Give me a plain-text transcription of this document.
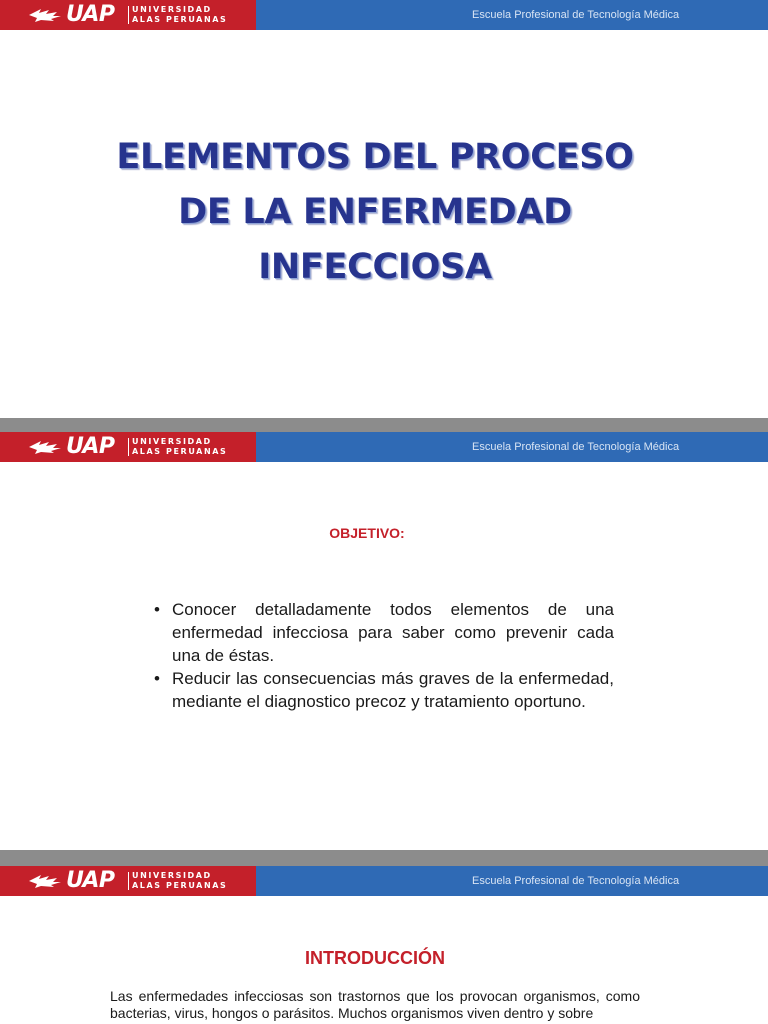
UAP UNIVERSIDAD
ALAS PERUANAS	Escuela Profesional de Tecnología Médica
ELEMENTOS DEL PROCESO
DE LA ENFERMEDAD
INFECCIOSA
UAP UNIVERSIDAD
ALAS PERUANAS	Escuela Profesional de Tecnología Médica
OBJETIVO:
• Conocer detalladamente todos elementos de una enfermedad infecciosa para saber como prevenir cada una de éstas.
• Reducir las consecuencias más graves de la enfermedad, mediante el diagnostico precoz y tratamiento oportuno.
UAP UNIVERSIDAD
ALAS PERUANAS	Escuela Profesional de Tecnología Médica
INTRODUCCIÓN
Las enfermedades infecciosas son trastornos que los provocan organismos, como bacterias, virus, hongos o parásitos. Muchos organismos viven dentro y sobre
